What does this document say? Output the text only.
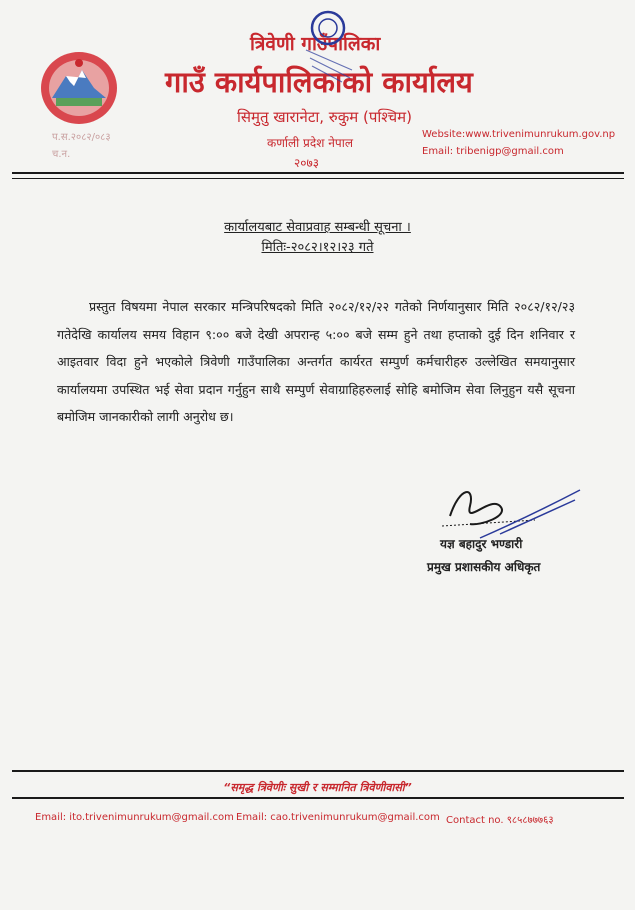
त्रिवेणी गाउँपालिका
गाउँ कार्यपालिकाको कार्यालय
सिमुतु खारानेटा, रुकुम (पश्चिम)
कर्णाली प्रदेश नेपाल
२०७३
प.स.२०८२/०८३
च.न.
Website:www.trivenimunrukum.gov.np
Email: tribenigp@gmail.com
कार्यालयबाट सेवाप्रवाह सम्बन्धी सूचना ।
मितिः-२०८२।१२।२३ गते
प्रस्तुत विषयमा नेपाल सरकार मन्त्रिपरिषदको मिति २०८२/१२/२२ गतेको निर्णयानुसार मिति २०८२/१२/२३ गतेदेखि कार्यालय समय विहान ९:०० बजे देखी अपरान्ह ५:०० बजे सम्म हुने तथा हप्ताको दुई दिन शनिवार र आइतवार विदा हुने भएकोले त्रिवेणी गाउँपालिका अन्तर्गत कार्यरत सम्पुर्ण कर्मचारीहरु उल्लेखित समयानुसार कार्यालयमा उपस्थित भई सेवा प्रदान गर्नुहुन साथै सम्पुर्ण सेवाग्राहिहरुलाई सोहि बमोजिम सेवा लिनुहुन यसै सूचना बमोजिम जानकारीको लागी अनुरोध छ।
यज्ञ बहादुर भण्डारी
प्रमुख प्रशासकीय अधिकृत
“समृद्ध त्रिवेणीः सुखी र सम्मानित त्रिवेणीवासी”
Email: ito.trivenimunrukum@gmail.com Email: cao.trivenimunrukum@gmail.com Contact no. ९८५८७७७६३
